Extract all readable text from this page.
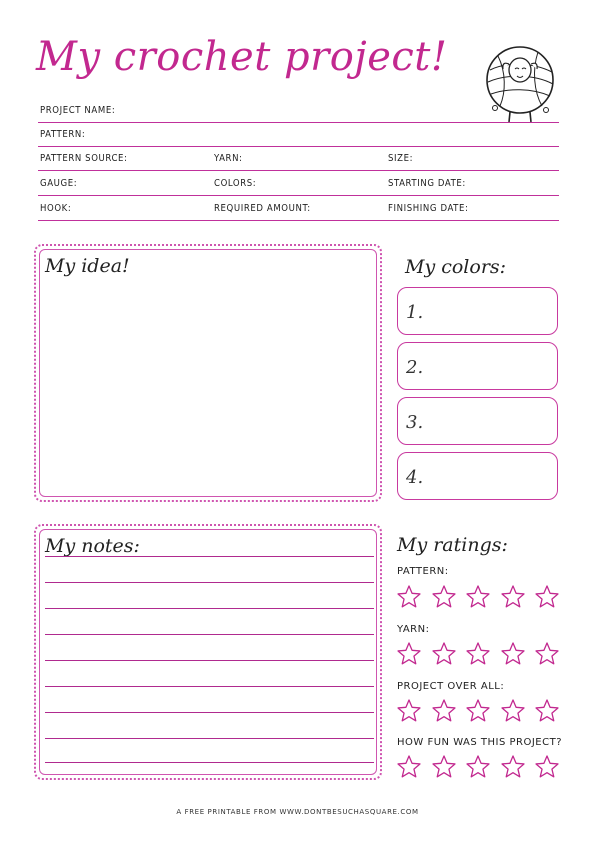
My crochet project!
PROJECT NAME:
PATTERN:
PATTERN SOURCE:	YARN:	SIZE:
GAUGE:	COLORS:	STARTING DATE:
HOOK:	REQUIRED AMOUNT:	FINISHING DATE:
My idea!	My colors:
1.
2.
3.
4.
My notes:	My ratings:
PATTERN:
YARN:
PROJECT OVER ALL:
HOW FUN WAS THIS PROJECT?
A FREE PRINTABLE FROM WWW.DONTBESUCHASQUARE.COM
